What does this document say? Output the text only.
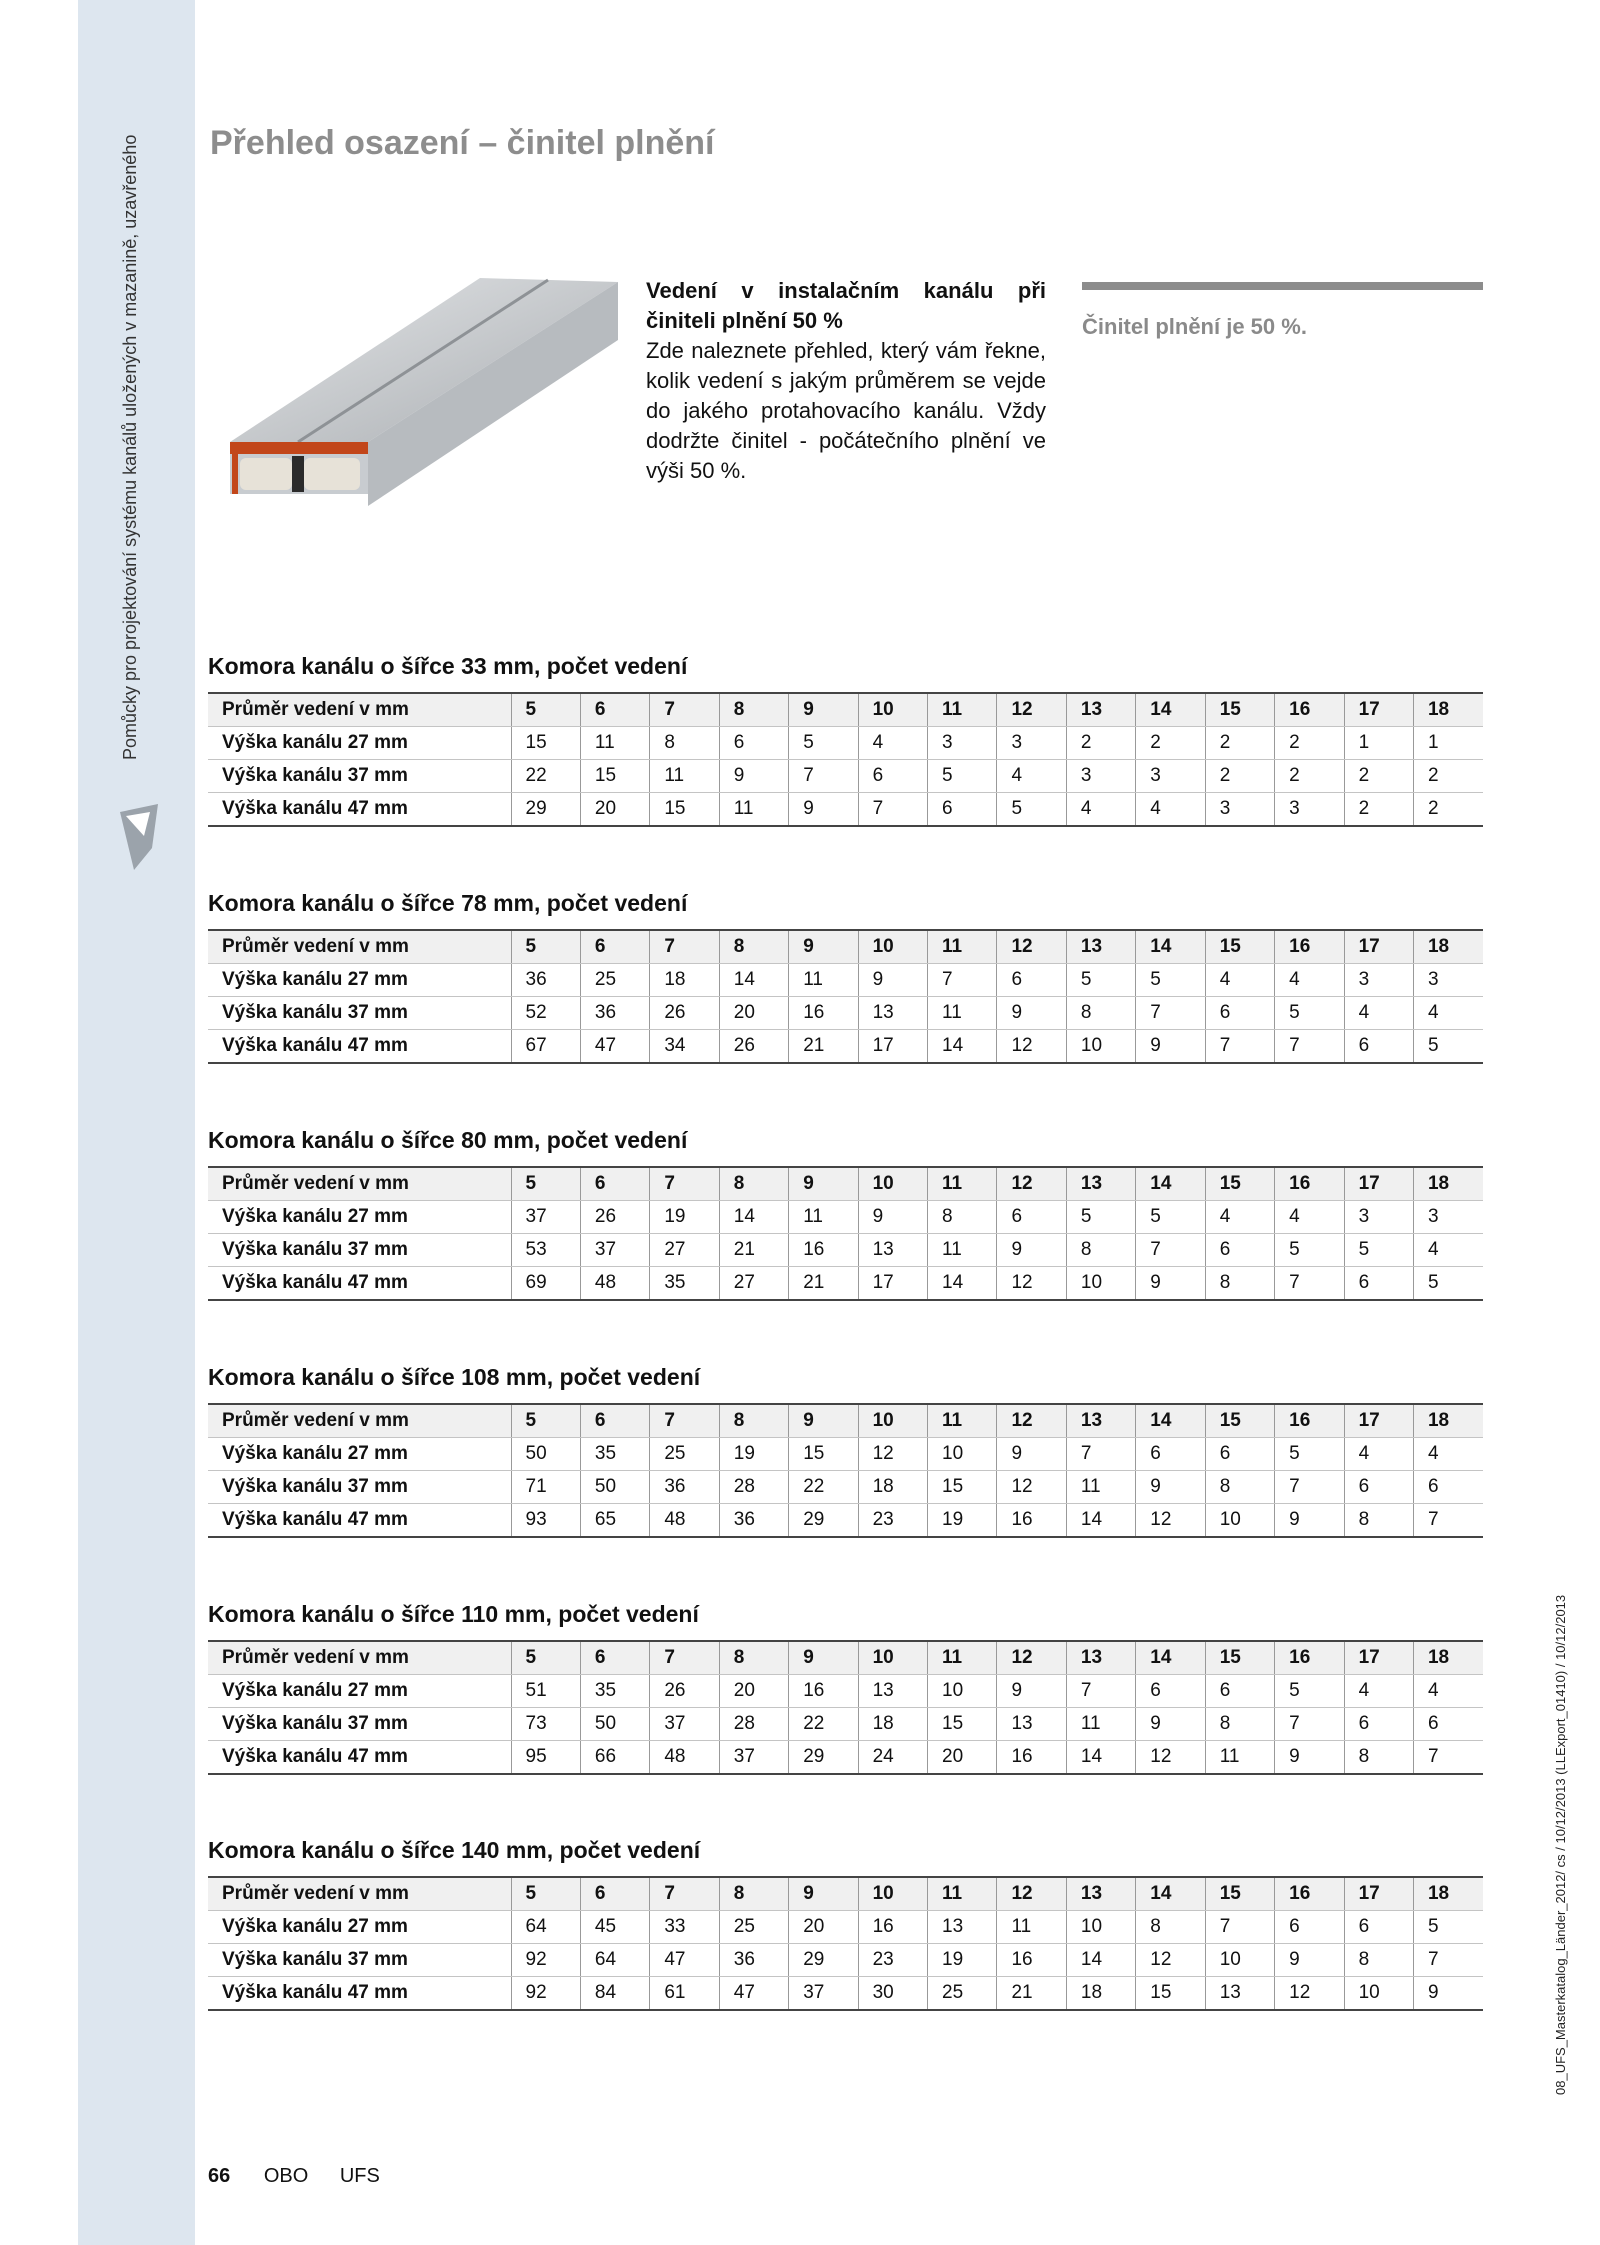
Pomůcky pro projektování systému kanálů uložených v mazanině, uzavřeného Přehled osazení – činitel plnění
Vedení v instalačním kanálu při činiteli plnění 50 %
Zde naleznete přehled, který vám řekne, kolik vedení s jakým průměrem se vejde do jakého protahovacího kanálu. Vždy dodržte činitel - počátečního plnění ve výši 50 %.
Činitel plnění je 50 %.
Komora kanálu o šířce 33 mm, počet vedení
Průměr vedení v mm	5	6	7	8	9	10	11	12	13	14	15	16	17	18
Výška kanálu 27 mm	15	11	8	6	5	4	3	3	2	2	2	2	1	1
Výška kanálu 37 mm	22	15	11	9	7	6	5	4	3	3	2	2	2	2
Výška kanálu 47 mm	29	20	15	11	9	7	6	5	4	4	3	3	2	2
Komora kanálu o šířce 78 mm, počet vedení
Průměr vedení v mm	5	6	7	8	9	10	11	12	13	14	15	16	17	18
Výška kanálu 27 mm	36	25	18	14	11	9	7	6	5	5	4	4	3	3
Výška kanálu 37 mm	52	36	26	20	16	13	11	9	8	7	6	5	4	4
Výška kanálu 47 mm	67	47	34	26	21	17	14	12	10	9	7	7	6	5
Komora kanálu o šířce 80 mm, počet vedení
Průměr vedení v mm	5	6	7	8	9	10	11	12	13	14	15	16	17	18
Výška kanálu 27 mm	37	26	19	14	11	9	8	6	5	5	4	4	3	3
Výška kanálu 37 mm	53	37	27	21	16	13	11	9	8	7	6	5	5	4
Výška kanálu 47 mm	69	48	35	27	21	17	14	12	10	9	8	7	6	5
Komora kanálu o šířce 108 mm, počet vedení
Průměr vedení v mm	5	6	7	8	9	10	11	12	13	14	15	16	17	18
Výška kanálu 27 mm	50	35	25	19	15	12	10	9	7	6	6	5	4	4
Výška kanálu 37 mm	71	50	36	28	22	18	15	12	11	9	8	7	6	6
Výška kanálu 47 mm	93	65	48	36	29	23	19	16	14	12	10	9	8	7
Komora kanálu o šířce 110 mm, počet vedení
Průměr vedení v mm	5	6	7	8	9	10	11	12	13	14	15	16	17	18
Výška kanálu 27 mm	51	35	26	20	16	13	10	9	7	6	6	5	4	4
Výška kanálu 37 mm	73	50	37	28	22	18	15	13	11	9	8	7	6	6
Výška kanálu 47 mm	95	66	48	37	29	24	20	16	14	12	11	9	8	7
Komora kanálu o šířce 140 mm, počet vedení
Průměr vedení v mm	5	6	7	8	9	10	11	12	13	14	15	16	17	18
Výška kanálu 27 mm	64	45	33	25	20	16	13	11	10	8	7	6	6	5
Výška kanálu 37 mm	92	64	47	36	29	23	19	16	14	12	10	9	8	7
Výška kanálu 47 mm	92	84	61	47	37	30	25	21	18	15	13	12	10	9
66 OBO UFS
08_UFS_Masterkatalog_Länder_2012/ cs / 10/12/2013 (LLExport_01410) / 10/12/2013
